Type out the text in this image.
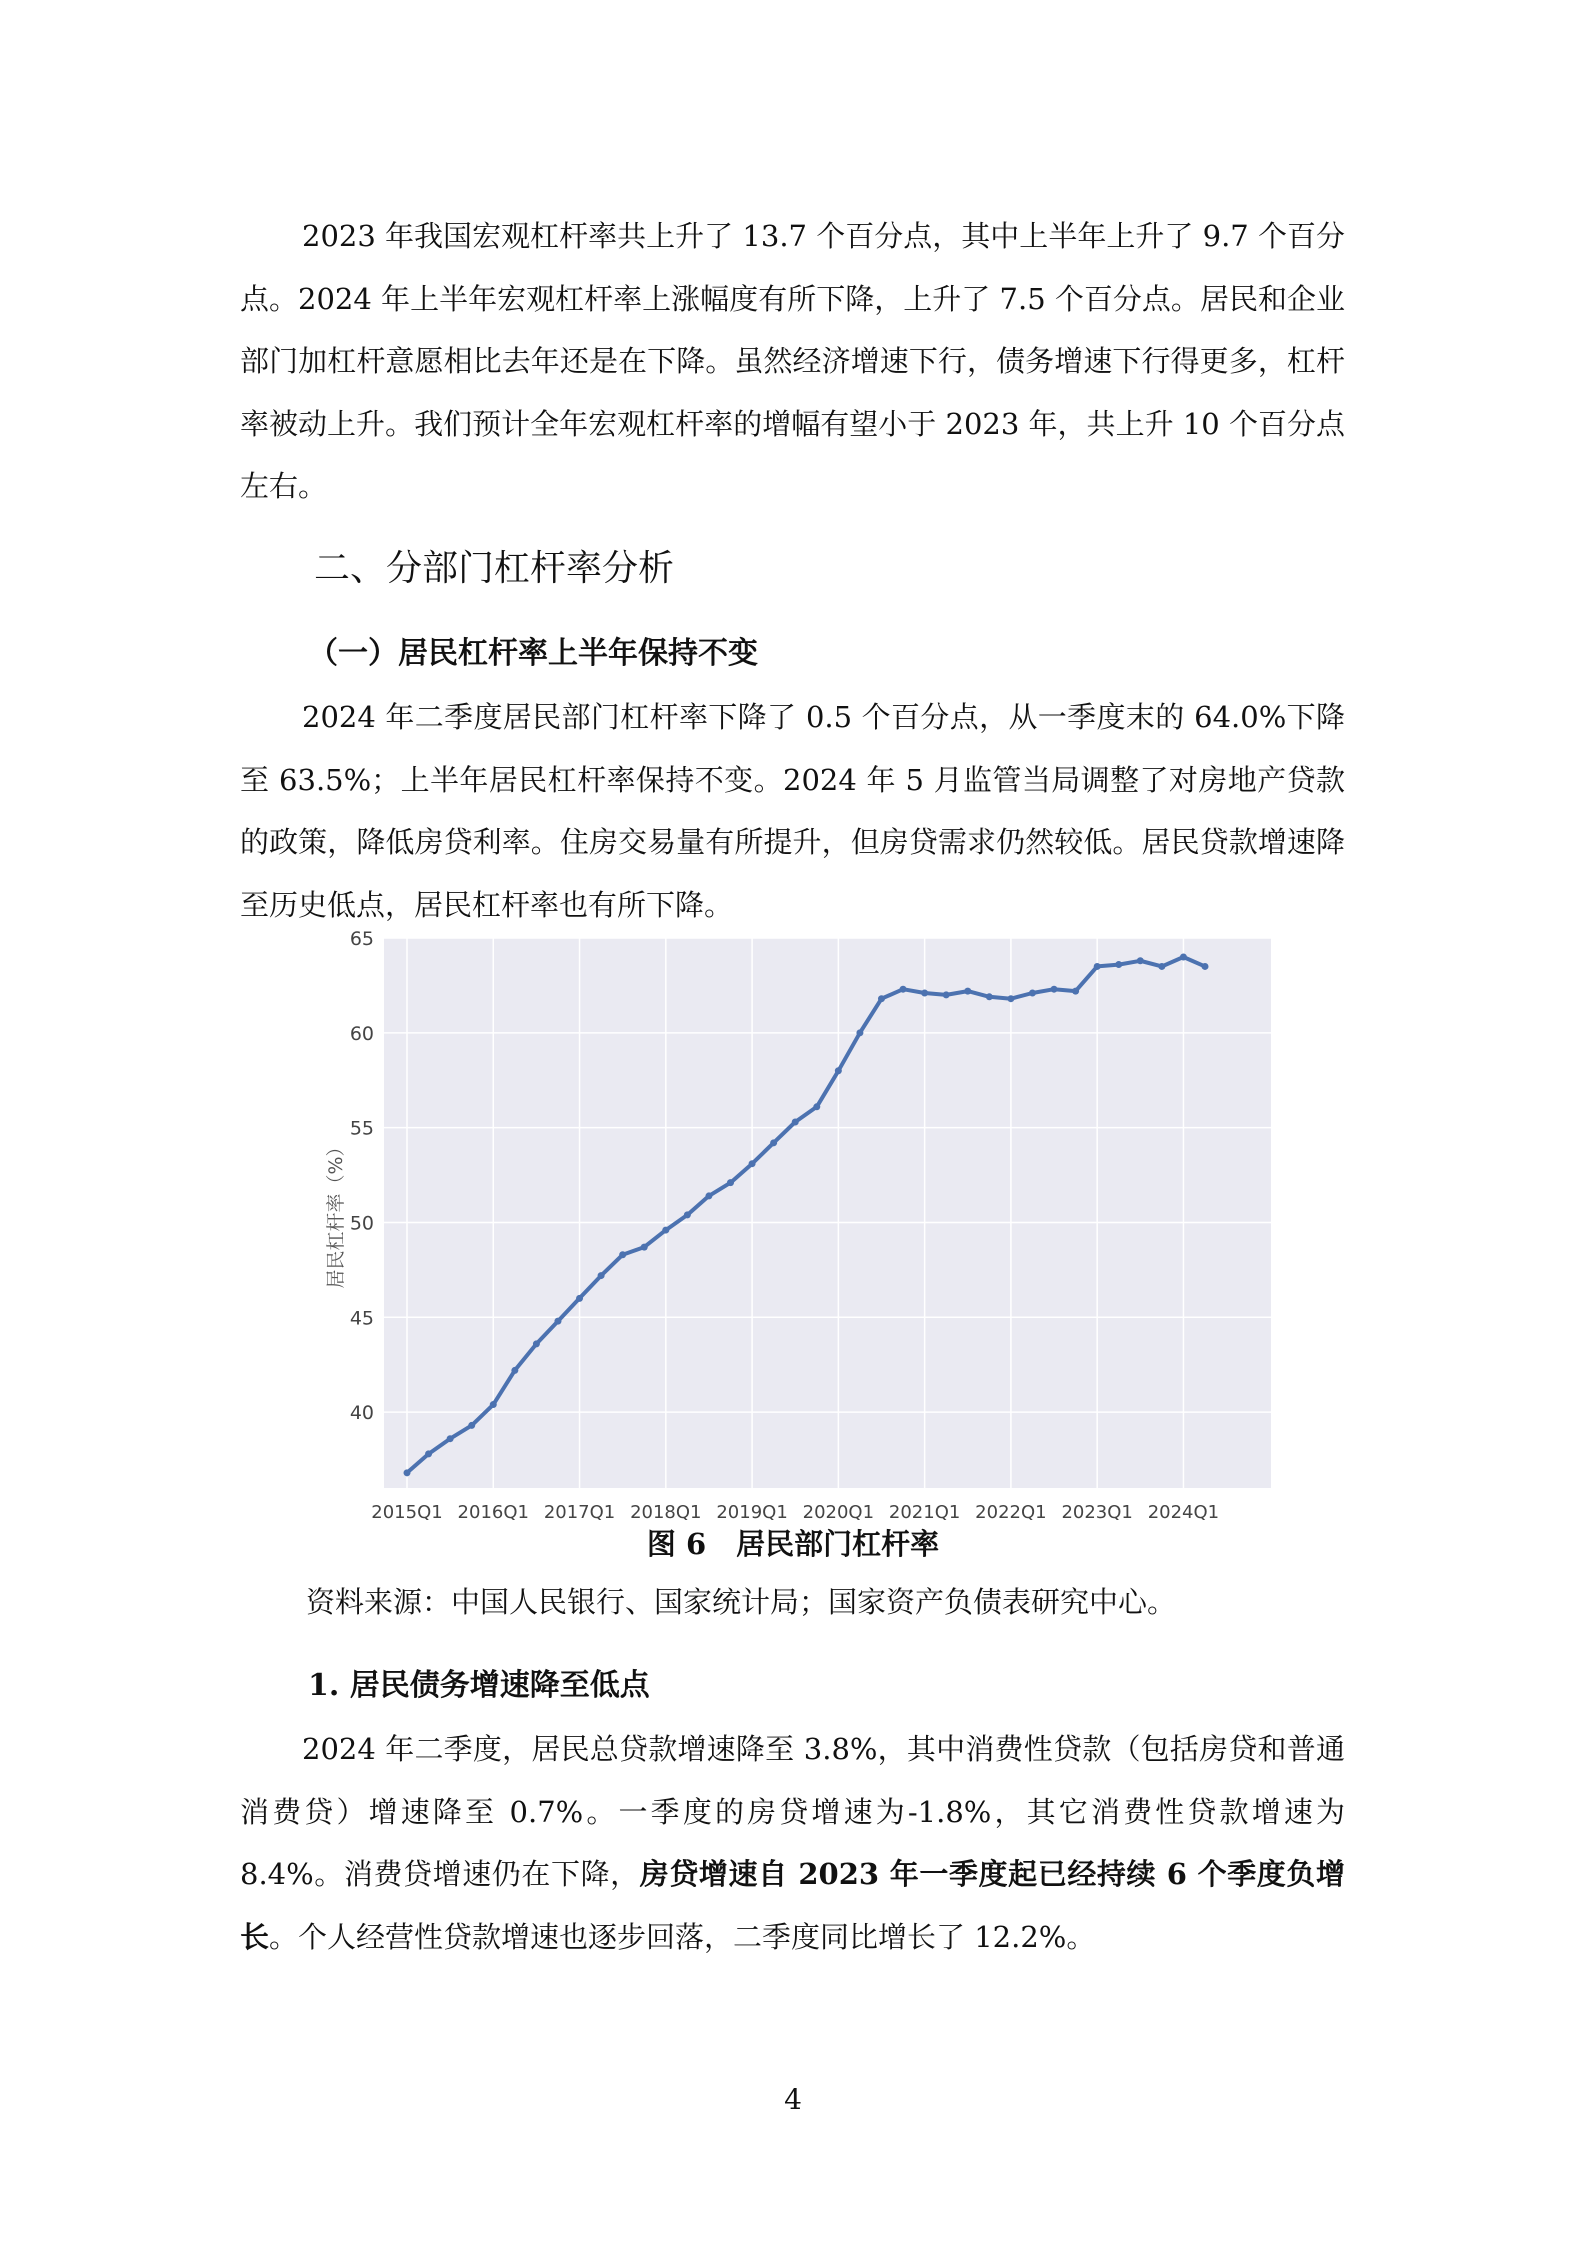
2023 年我国宏观杠杆率共上升了 13.7 个百分点，其中上半年上升了 9.7 个百分点。2024 年上半年宏观杠杆率上涨幅度有所下降，上升了 7.5 个百分点。居民和企业部门加杠杆意愿相比去年还是在下降。虽然经济增速下行，债务增速下行得更多，杠杆率被动上升。我们预计全年宏观杠杆率的增幅有望小于 2023 年，共上升 10 个百分点左右。

二、分部门杠杆率分析
（一）居民杠杆率上半年保持不变

2024 年二季度居民部门杠杆率下降了 0.5 个百分点，从一季度末的 64.0%下降至 63.5%；上半年居民杠杆率保持不变。2024 年 5 月监管当局调整了对房地产贷款的政策，降低房贷利率。住房交易量有所提升，但房贷需求仍然较低。居民贷款增速降至历史低点，居民杠杆率也有所下降。

40
45
50
55
60
65
2015Q1 2016Q1 2017Q1 2018Q1 2019Q1 2020Q1 2021Q1 2022Q1 2023Q1 2024Q1
居民杠杆率（%）
图 6 居民部门杠杆率
资料来源：中国人民银行、国家统计局；国家资产负债表研究中心。
1. 居民债务增速降至低点

2024 年二季度，居民总贷款增速降至 3.8%，其中消费性贷款（包括房贷和普通消费贷）增速降至 0.7%。一季度的房贷增速为-1.8%，其它消费性贷款增速为 8.4%。消费贷增速仍在下降，房贷增速自 2023 年一季度起已经持续 6 个季度负增长。个人经营性贷款增速也逐步回落，二季度同比增长了 12.2%。

4
